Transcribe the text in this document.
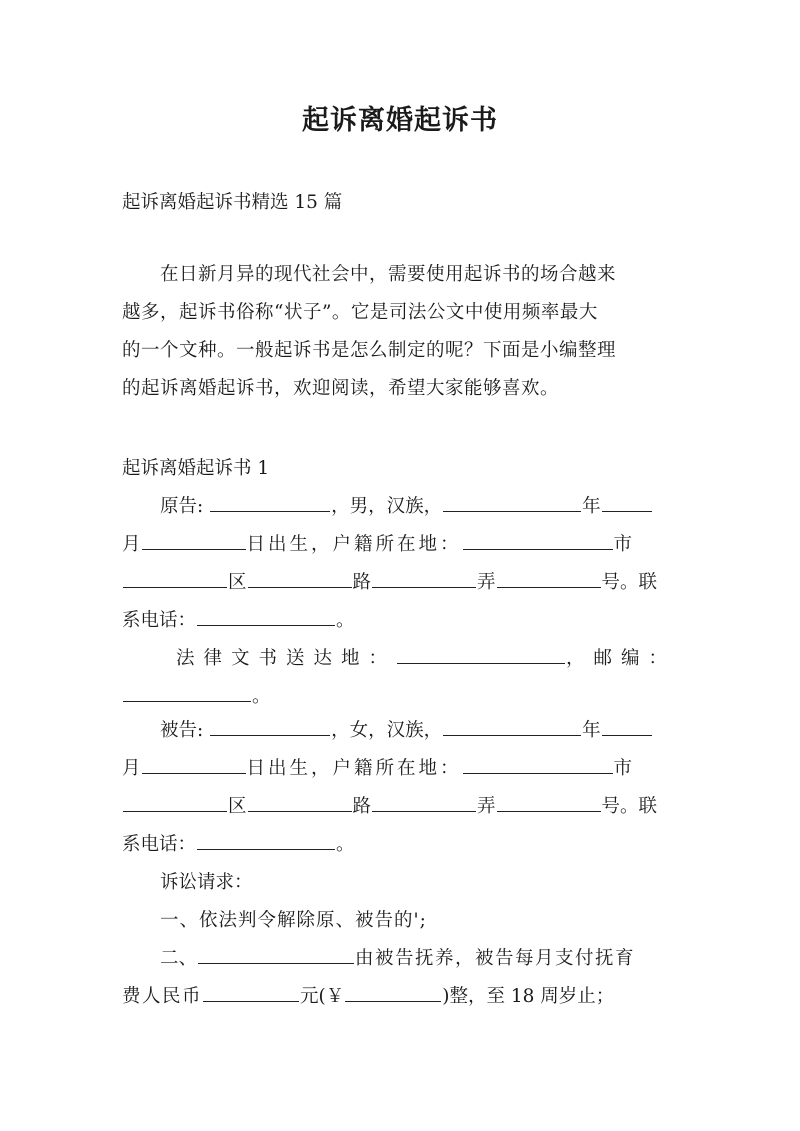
起诉离婚起诉书
起诉离婚起诉书精选 15 篇
在日新月异的现代社会中，需要使用起诉书的场合越来
越多，起诉书俗称“状子”。它是司法公文中使用频率最大
的一个文种。一般起诉书是怎么制定的呢？下面是小编整理
的起诉离婚起诉书，欢迎阅读，希望大家能够喜欢。
起诉离婚起诉书 1
原告:	，男，汉族，	年
月	日出生，户籍所在地：	市
区	路	弄	号。联
系电话：	。
法律文书送达地：	，邮编：
。
被告:	，女，汉族，	年
月	日出生，户籍所在地：	市
区	路	弄	号。联
系电话：	。
诉讼请求：
一、依法判令解除原、被告的';
二、	由被告抚养，被告每月支付抚育
费人民币	元(￥	)整，至 18 周岁止；
